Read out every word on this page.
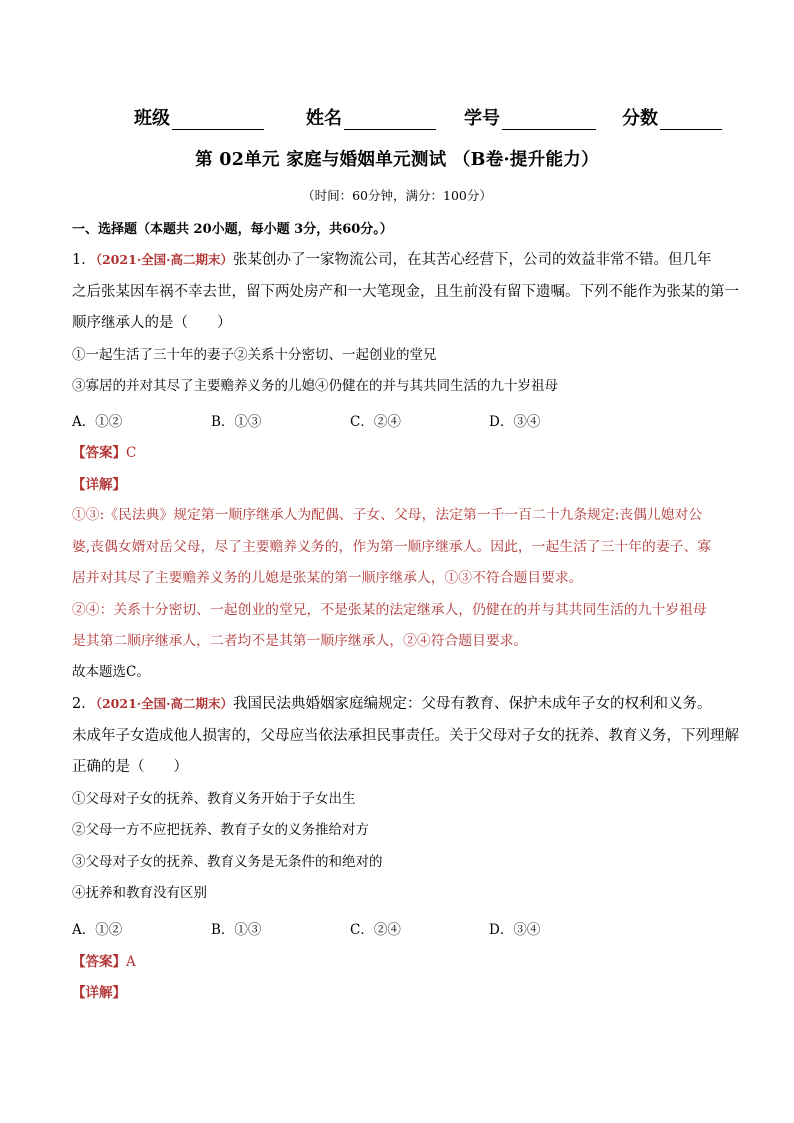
班级	姓名	学号	分数
第 02单元 家庭与婚姻单元测试 （B卷·提升能力）
（时间：60分钟，满分：100分）
一、选择题（本题共 20小题，每小题 3分，共60分。）
1．（2021·全国·高二期末）张某创办了一家物流公司，在其苦心经营下，公司的效益非常不错。但几年
之后张某因车祸不幸去世，留下两处房产和一大笔现金，且生前没有留下遗嘱。下列不能作为张某的第一
顺序继承人的是（　　）
①一起生活了三十年的妻子②关系十分密切、一起创业的堂兄
③寡居的并对其尽了主要赡养义务的儿媳④仍健在的并与其共同生活的九十岁祖母
A．①②	B．①③	C．②④	D．③④
【答案】C
【详解】
①③:《民法典》规定第一顺序继承人为配偶、子女、父母，法定第一千一百二十九条规定:丧偶儿媳对公
婆,丧偶女婿对岳父母，尽了主要赡养义务的，作为第一顺序继承人。因此，一起生活了三十年的妻子、寡
居并对其尽了主要赡养义务的儿媳是张某的第一顺序继承人，①③不符合题目要求。
②④：关系十分密切、一起创业的堂兄，不是张某的法定继承人，仍健在的并与其共同生活的九十岁祖母
是其第二顺序继承人，二者均不是其第一顺序继承人，②④符合题目要求。
故本题选C。
2．（2021·全国·高二期末）我国民法典婚姻家庭编规定：父母有教育、保护未成年子女的权利和义务。
未成年子女造成他人损害的，父母应当依法承担民事责任。关于父母对子女的抚养、教育义务，下列理解
正确的是（　　）
①父母对子女的抚养、教育义务开始于子女出生
②父母一方不应把抚养、教育子女的义务推给对方
③父母对子女的抚养、教育义务是无条件的和绝对的
④抚养和教育没有区别
A．①②	B．①③	C．②④	D．③④
【答案】A
【详解】
